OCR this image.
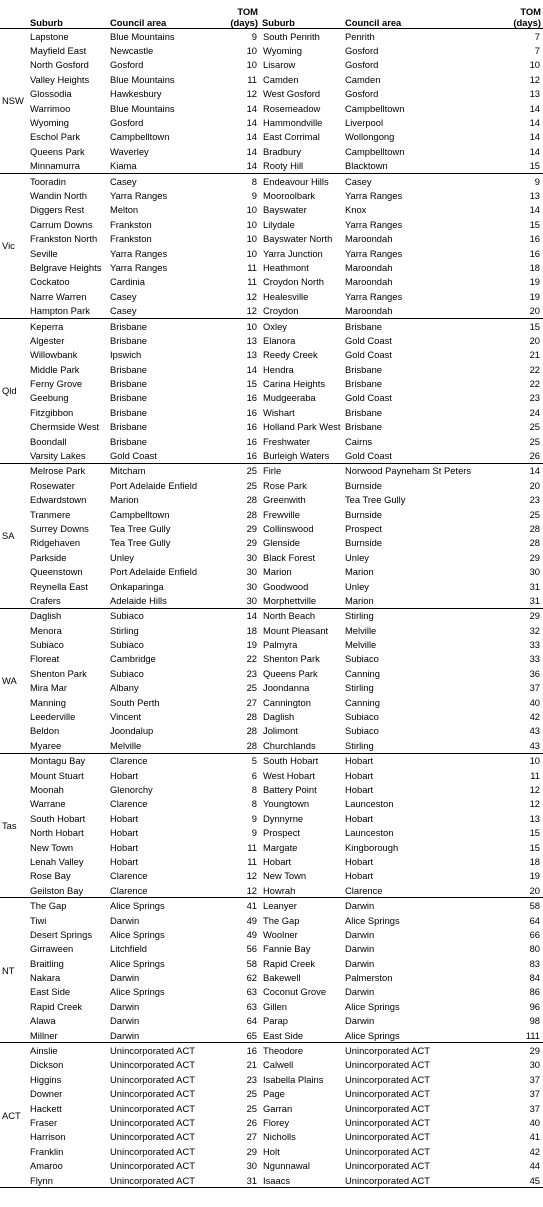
	Suburb	Council area	TOM
(days)	Suburb	Council area	TOM
(days)
NSW	Lapstone	Blue Mountains	9	South Penrith	Penrith	7
	Mayfield East	Newcastle	10	Wyoming	Gosford	7
	North Gosford	Gosford	10	Lisarow	Gosford	10
	Valley Heights	Blue Mountains	11	Camden	Camden	12
	Glossodia	Hawkesbury	12	West Gosford	Gosford	13
	Warrimoo	Blue Mountains	14	Rosemeadow	Campbelltown	14
	Wyoming	Gosford	14	Hammondville	Liverpool	14
	Eschol Park	Campbelltown	14	East Corrimal	Wollongong	14
	Queens Park	Waverley	14	Bradbury	Campbelltown	14
	Minnamurra	Kiama	14	Rooty Hill	Blacktown	15
Vic	Tooradin	Casey	8	Endeavour Hills	Casey	9
	Wandin North	Yarra Ranges	9	Mooroolbark	Yarra Ranges	13
	Diggers Rest	Melton	10	Bayswater	Knox	14
	Carrum Downs	Frankston	10	Lilydale	Yarra Ranges	15
	Frankston North	Frankston	10	Bayswater North	Maroondah	16
	Seville	Yarra Ranges	10	Yarra Junction	Yarra Ranges	16
	Belgrave Heights	Yarra Ranges	11	Heathmont	Maroondah	18
	Cockatoo	Cardinia	11	Croydon North	Maroondah	19
	Narre Warren	Casey	12	Healesville	Yarra Ranges	19
	Hampton Park	Casey	12	Croydon	Maroondah	20
Qld	Keperra	Brisbane	10	Oxley	Brisbane	15
	Algester	Brisbane	13	Elanora	Gold Coast	20
	Willowbank	Ipswich	13	Reedy Creek	Gold Coast	21
	Middle Park	Brisbane	14	Hendra	Brisbane	22
	Ferny Grove	Brisbane	15	Carina Heights	Brisbane	22
	Geebung	Brisbane	16	Mudgeeraba	Gold Coast	23
	Fitzgibbon	Brisbane	16	Wishart	Brisbane	24
	Chermside West	Brisbane	16	Holland Park West	Brisbane	25
	Boondall	Brisbane	16	Freshwater	Cairns	25
	Varsity Lakes	Gold Coast	16	Burleigh Waters	Gold Coast	26
SA	Melrose Park	Mitcham	25	Firle	Norwood Payneham St Peters	14
	Rosewater	Port Adelaide Enfield	25	Rose Park	Burnside	20
	Edwardstown	Marion	28	Greenwith	Tea Tree Gully	23
	Tranmere	Campbelltown	28	Frewville	Burnside	25
	Surrey Downs	Tea Tree Gully	29	Collinswood	Prospect	28
	Ridgehaven	Tea Tree Gully	29	Glenside	Burnside	28
	Parkside	Unley	30	Black Forest	Unley	29
	Queenstown	Port Adelaide Enfield	30	Marion	Marion	30
	Reynella East	Onkaparinga	30	Goodwood	Unley	31
	Crafers	Adelaide Hills	30	Morphettville	Marion	31
WA	Daglish	Subiaco	14	North Beach	Stirling	29
	Menora	Stirling	18	Mount Pleasant	Melville	32
	Subiaco	Subiaco	19	Palmyra	Melville	33
	Floreat	Cambridge	22	Shenton Park	Subiaco	33
	Shenton Park	Subiaco	23	Queens Park	Canning	36
	Mira Mar	Albany	25	Joondanna	Stirling	37
	Manning	South Perth	27	Cannington	Canning	40
	Leederville	Vincent	28	Daglish	Subiaco	42
	Beldon	Joondalup	28	Jolimont	Subiaco	43
	Myaree	Melville	28	Churchlands	Stirling	43
Tas	Montagu Bay	Clarence	5	South Hobart	Hobart	10
	Mount Stuart	Hobart	6	West Hobart	Hobart	11
	Moonah	Glenorchy	8	Battery Point	Hobart	12
	Warrane	Clarence	8	Youngtown	Launceston	12
	South Hobart	Hobart	9	Dynnyrne	Hobart	13
	North Hobart	Hobart	9	Prospect	Launceston	15
	New Town	Hobart	11	Margate	Kingborough	15
	Lenah Valley	Hobart	11	Hobart	Hobart	18
	Rose Bay	Clarence	12	New Town	Hobart	19
	Geilston Bay	Clarence	12	Howrah	Clarence	20
NT	The Gap	Alice Springs	41	Leanyer	Darwin	58
	Tiwi	Darwin	49	The Gap	Alice Springs	64
	Desert Springs	Alice Springs	49	Woolner	Darwin	66
	Girraween	Litchfield	56	Fannie Bay	Darwin	80
	Braitling	Alice Springs	58	Rapid Creek	Darwin	83
	Nakara	Darwin	62	Bakewell	Palmerston	84
	East Side	Alice Springs	63	Coconut Grove	Darwin	86
	Rapid Creek	Darwin	63	Gillen	Alice Springs	96
	Alawa	Darwin	64	Parap	Darwin	98
	Millner	Darwin	65	East Side	Alice Springs	111
ACT	Ainslie	Unincorporated ACT	16	Theodore	Unincorporated ACT	29
	Dickson	Unincorporated ACT	21	Calwell	Unincorporated ACT	30
	Higgins	Unincorporated ACT	23	Isabella Plains	Unincorporated ACT	37
	Downer	Unincorporated ACT	25	Page	Unincorporated ACT	37
	Hackett	Unincorporated ACT	25	Garran	Unincorporated ACT	37
	Fraser	Unincorporated ACT	26	Florey	Unincorporated ACT	40
	Harrison	Unincorporated ACT	27	Nicholls	Unincorporated ACT	41
	Franklin	Unincorporated ACT	29	Holt	Unincorporated ACT	42
	Amaroo	Unincorporated ACT	30	Ngunnawal	Unincorporated ACT	44
	Flynn	Unincorporated ACT	31	Isaacs	Unincorporated ACT	45
